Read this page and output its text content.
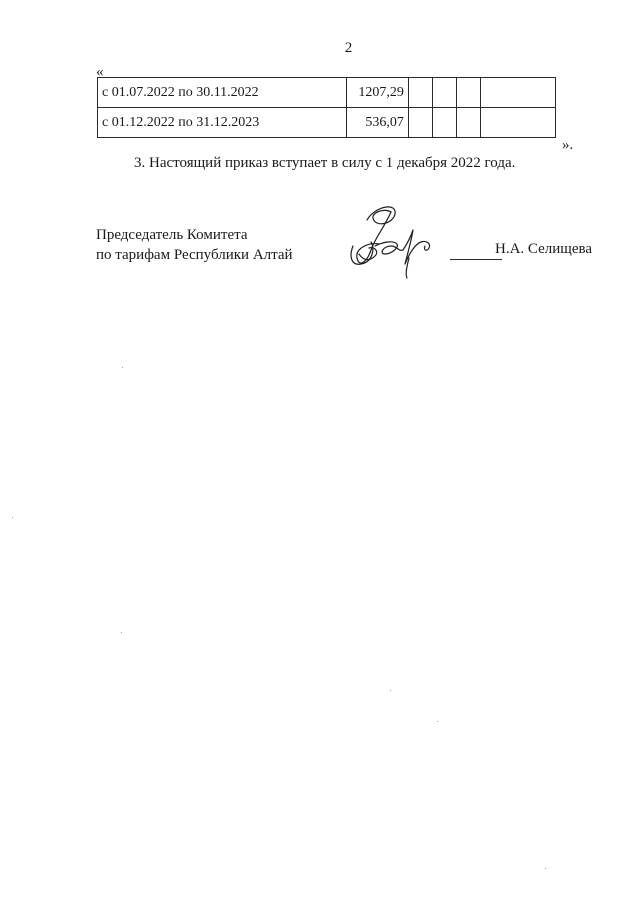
2
«
с 01.07.2022 по 30.11.2022	1207,29				
с 01.12.2022 по 31.12.2023	536,07				
».
3. Настоящий приказ вступает в силу с 1 декабря 2022 года.
Председатель Комитета
по тарифам Республики Алтай	Н.А. Селищева
